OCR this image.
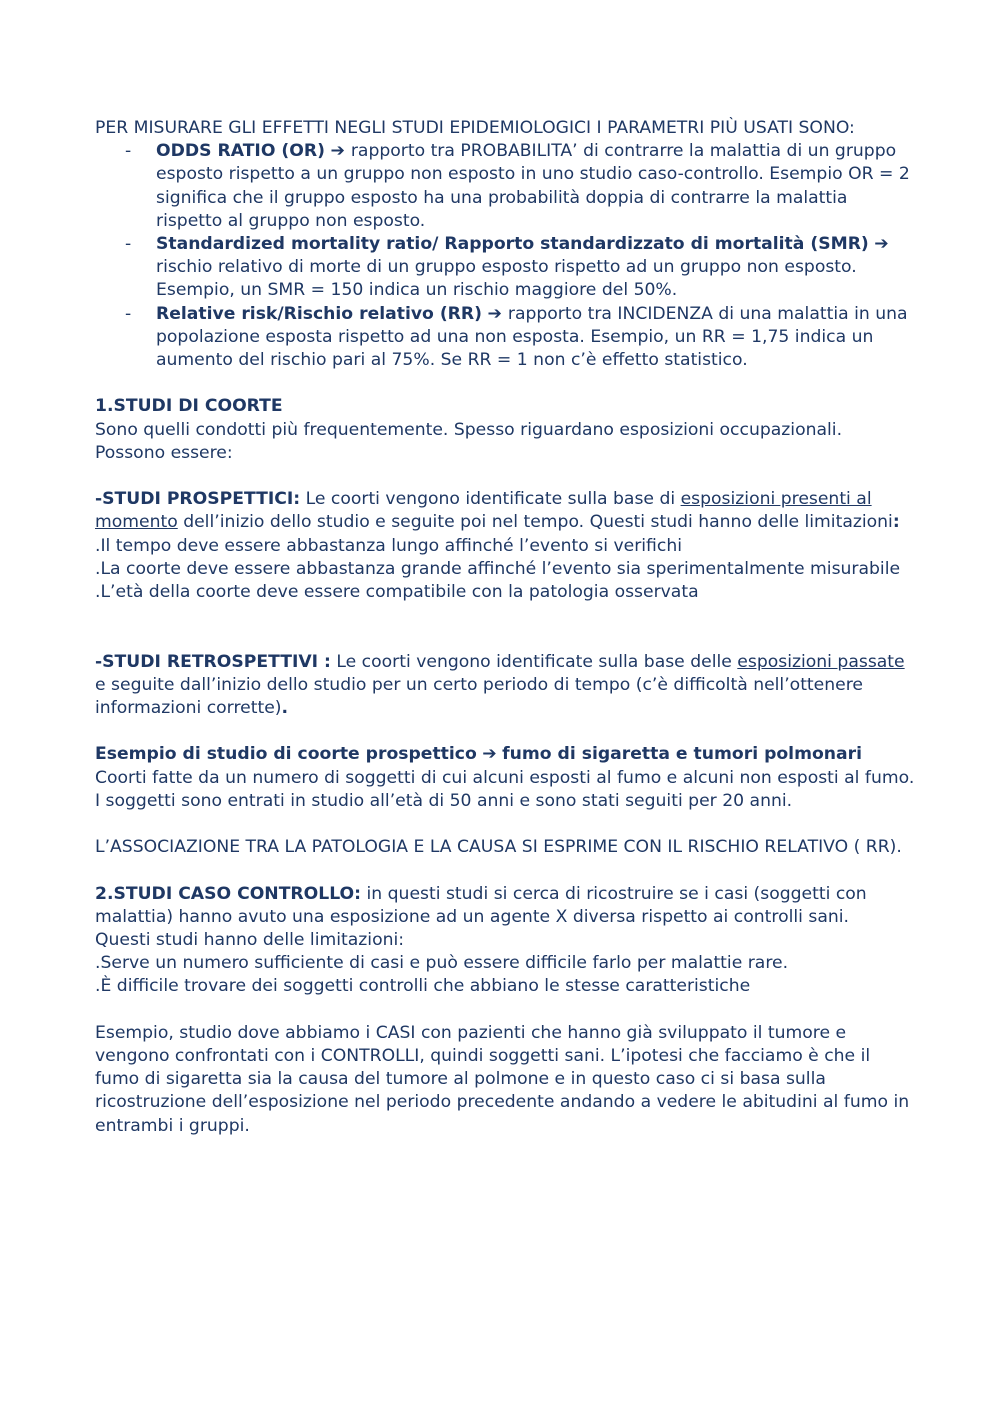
PER MISURARE GLI EFFETTI NEGLI STUDI EPIDEMIOLOGICI I PARAMETRI PIÙ USATI SONO:

- ODDS RATIO (OR) ➔ rapporto tra PROBABILITA’ di contrarre la malattia di un gruppo esposto rispetto a un gruppo non esposto in uno studio caso-controllo. Esempio OR = 2 significa che il gruppo esposto ha una probabilità doppia di contrarre la malattia rispetto al gruppo non esposto.
- Standardized mortality ratio/ Rapporto standardizzato di mortalità (SMR) ➔ rischio relativo di morte di un gruppo esposto rispetto ad un gruppo non esposto. Esempio, un SMR = 150 indica un rischio maggiore del 50%.
- Relative risk/Rischio relativo (RR) ➔ rapporto tra INCIDENZA di una malattia in una popolazione esposta rispetto ad una non esposta. Esempio, un RR = 1,75 indica un aumento del rischio pari al 75%. Se RR = 1 non c’è effetto statistico.

1.STUDI DI COORTE

Sono quelli condotti più frequentemente. Spesso riguardano esposizioni occupazionali. Possono essere:

-STUDI PROSPETTICI: Le coorti vengono identificate sulla base di esposizioni presenti al momento dell’inizio dello studio e seguite poi nel tempo. Questi studi hanno delle limitazioni:

.Il tempo deve essere abbastanza lungo affinché l’evento si verifichi

.La coorte deve essere abbastanza grande affinché l’evento sia sperimentalmente misurabile

.L’età della coorte deve essere compatibile con la patologia osservata

-STUDI RETROSPETTIVI : Le coorti vengono identificate sulla base delle esposizioni passate e seguite dall’inizio dello studio per un certo periodo di tempo (c’è difficoltà nell’ottenere informazioni corrette).

Esempio di studio di coorte prospettico ➔ fumo di sigaretta e tumori polmonari

Coorti fatte da un numero di soggetti di cui alcuni esposti al fumo e alcuni non esposti al fumo. I soggetti sono entrati in studio all’età di 50 anni e sono stati seguiti per 20 anni.

L’ASSOCIAZIONE TRA LA PATOLOGIA E LA CAUSA SI ESPRIME CON IL RISCHIO RELATIVO ( RR).

2.STUDI CASO CONTROLLO: in questi studi si cerca di ricostruire se i casi (soggetti con malattia) hanno avuto una esposizione ad un agente X diversa rispetto ai controlli sani.

Questi studi hanno delle limitazioni:

.Serve un numero sufficiente di casi e può essere difficile farlo per malattie rare.

.È difficile trovare dei soggetti controlli che abbiano le stesse caratteristiche

Esempio, studio dove abbiamo i CASI con pazienti che hanno già sviluppato il tumore e vengono confrontati con i CONTROLLI, quindi soggetti sani. L’ipotesi che facciamo è che il fumo di sigaretta sia la causa del tumore al polmone e in questo caso ci si basa sulla ricostruzione dell’esposizione nel periodo precedente andando a vedere le abitudini al fumo in entrambi i gruppi.
